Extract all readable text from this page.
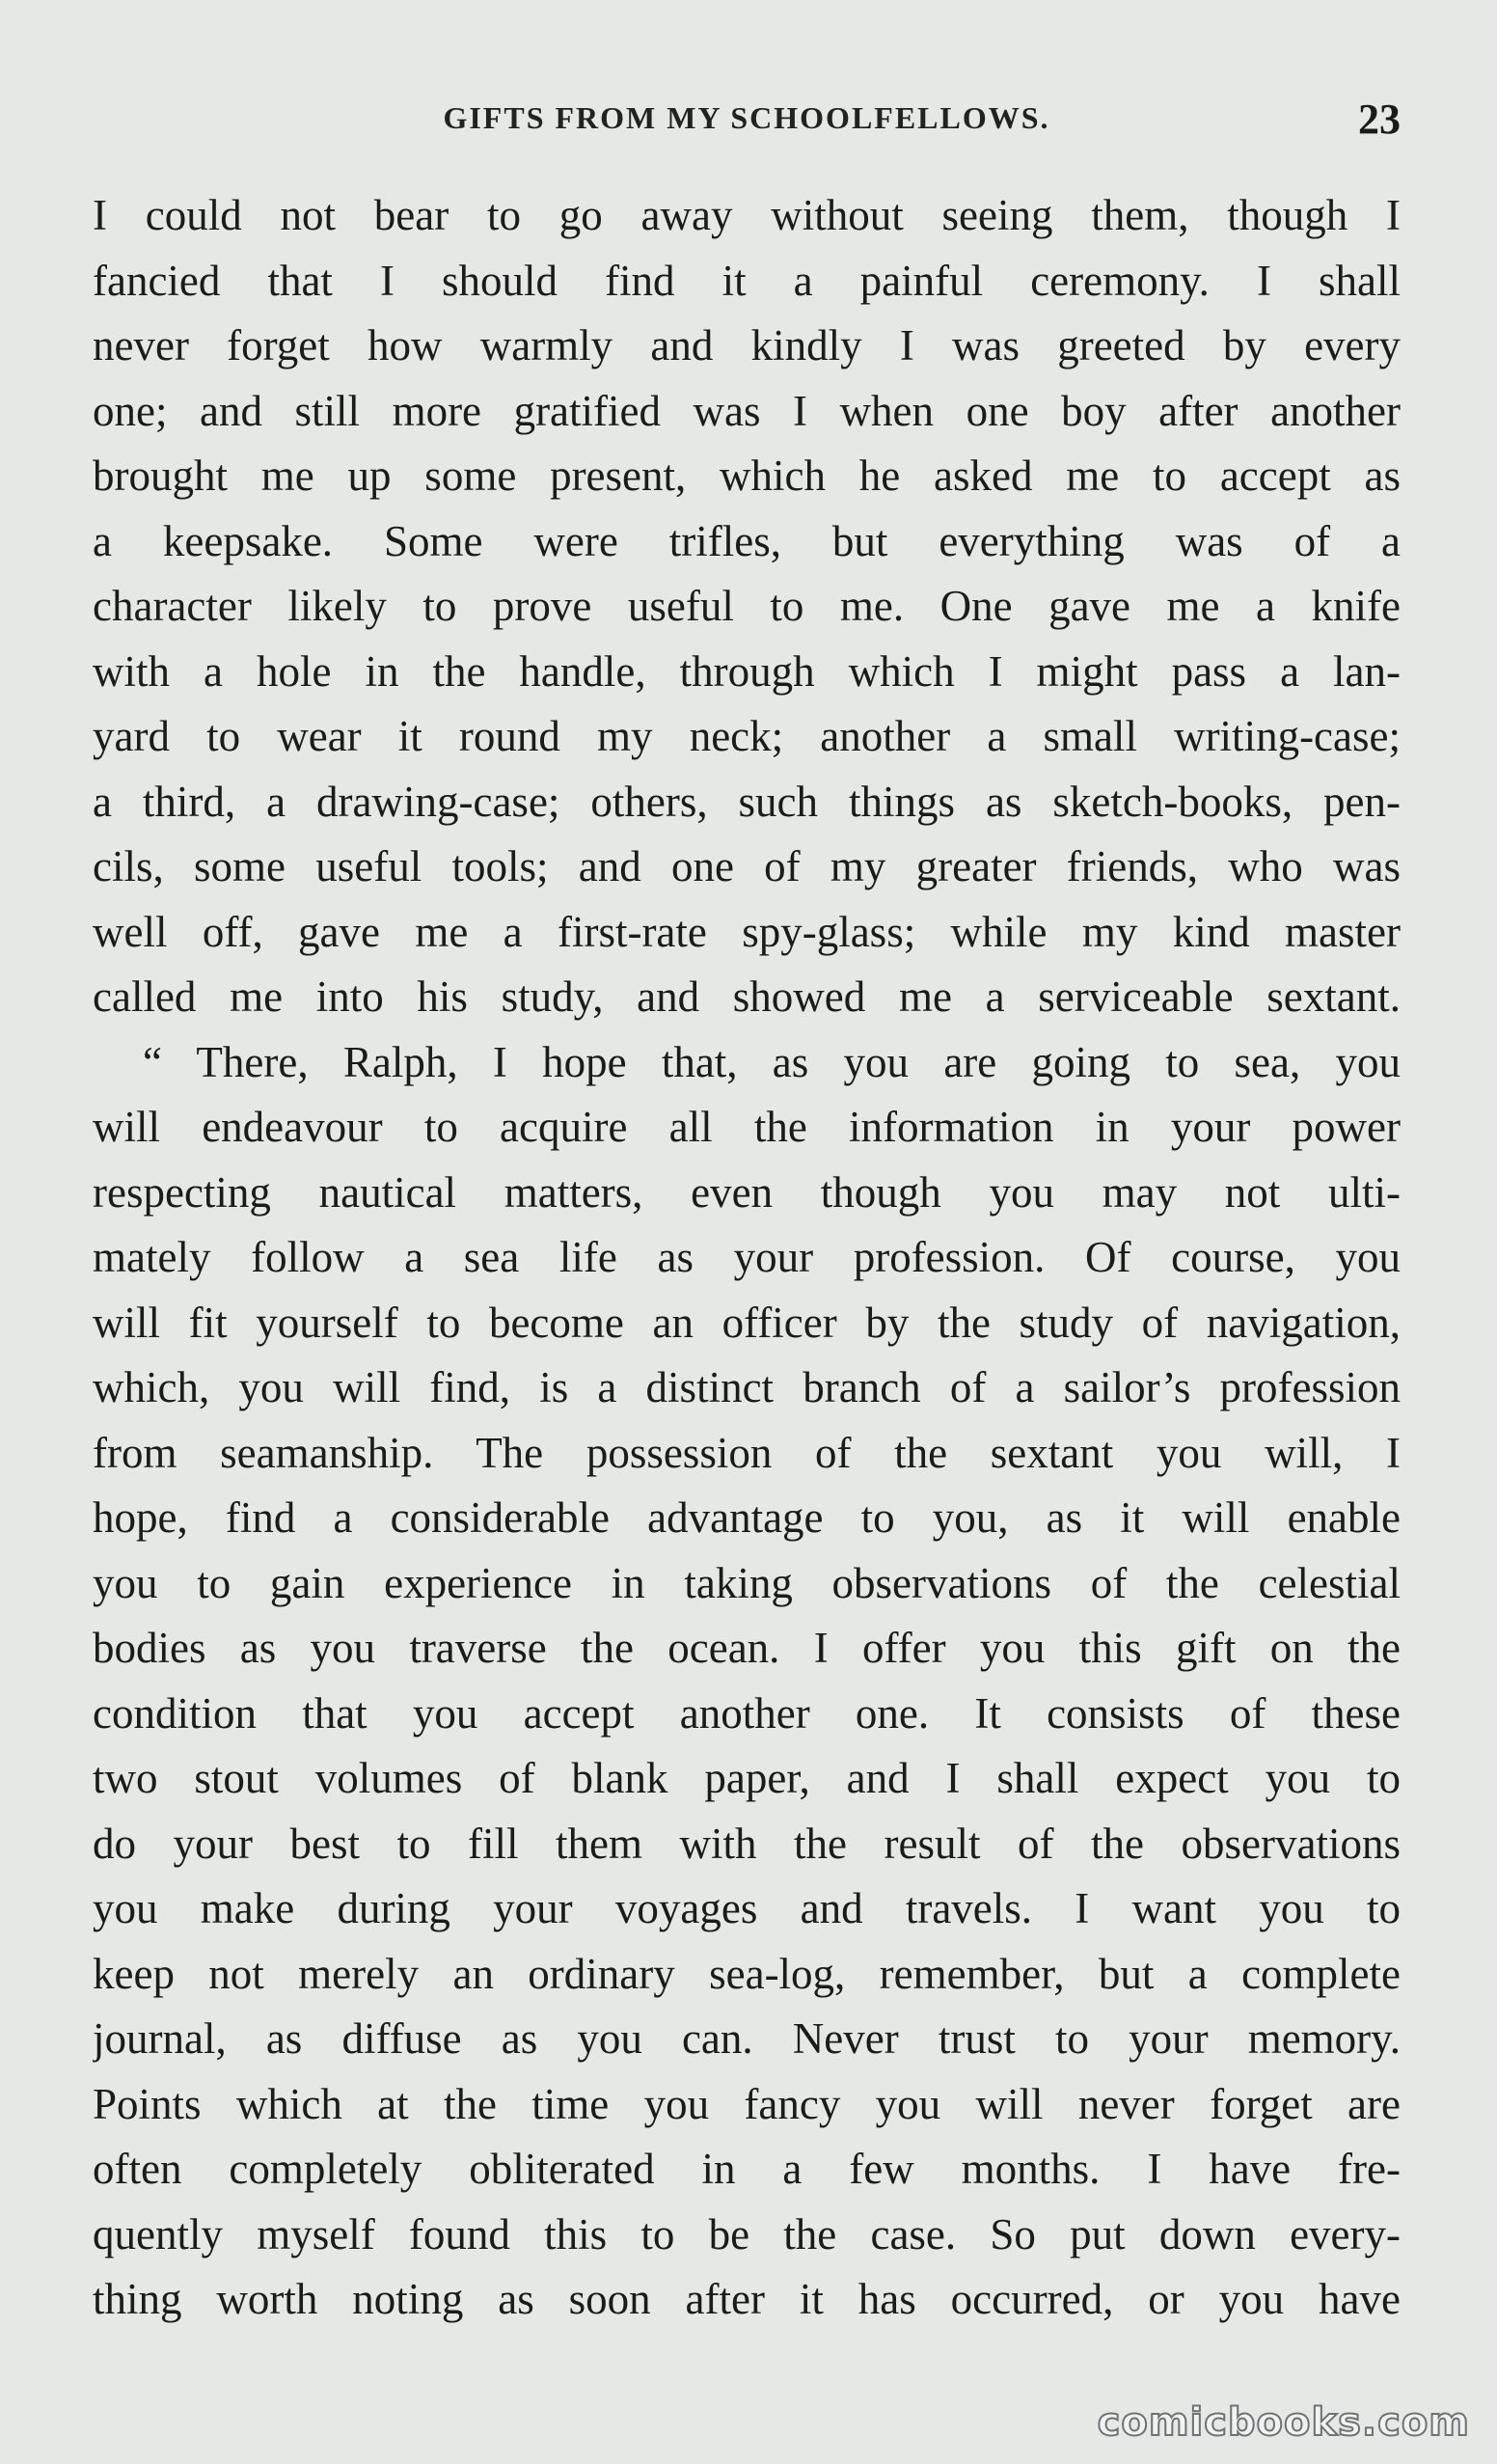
GIFTS FROM MY SCHOOLFELLOWS.	23
I could not bear to go away without seeing them, though I
fancied that I should find it a painful ceremony. I shall
never forget how warmly and kindly I was greeted by every
one; and still more gratified was I when one boy after another
brought me up some present, which he asked me to accept as
a keepsake. Some were trifles, but everything was of a
character likely to prove useful to me. One gave me a knife
with a hole in the handle, through which I might pass a lan-
yard to wear it round my neck; another a small writing-case;
a third, a drawing-case; others, such things as sketch-books, pen-
cils, some useful tools; and one of my greater friends, who was
well off, gave me a first-rate spy-glass; while my kind master
called me into his study, and showed me a serviceable sextant.
“ There, Ralph, I hope that, as you are going to sea, you
will endeavour to acquire all the information in your power
respecting nautical matters, even though you may not ulti-
mately follow a sea life as your profession. Of course, you
will fit yourself to become an officer by the study of navigation,
which, you will find, is a distinct branch of a sailor’s profession
from seamanship. The possession of the sextant you will, I
hope, find a considerable advantage to you, as it will enable
you to gain experience in taking observations of the celestial
bodies as you traverse the ocean. I offer you this gift on the
condition that you accept another one. It consists of these
two stout volumes of blank paper, and I shall expect you to
do your best to fill them with the result of the observations
you make during your voyages and travels. I want you to
keep not merely an ordinary sea-log, remember, but a complete
journal, as diffuse as you can. Never trust to your memory.
Points which at the time you fancy you will never forget are
often completely obliterated in a few months. I have fre-
quently myself found this to be the case. So put down every-
thing worth noting as soon after it has occurred, or you have
comicbooks.com
